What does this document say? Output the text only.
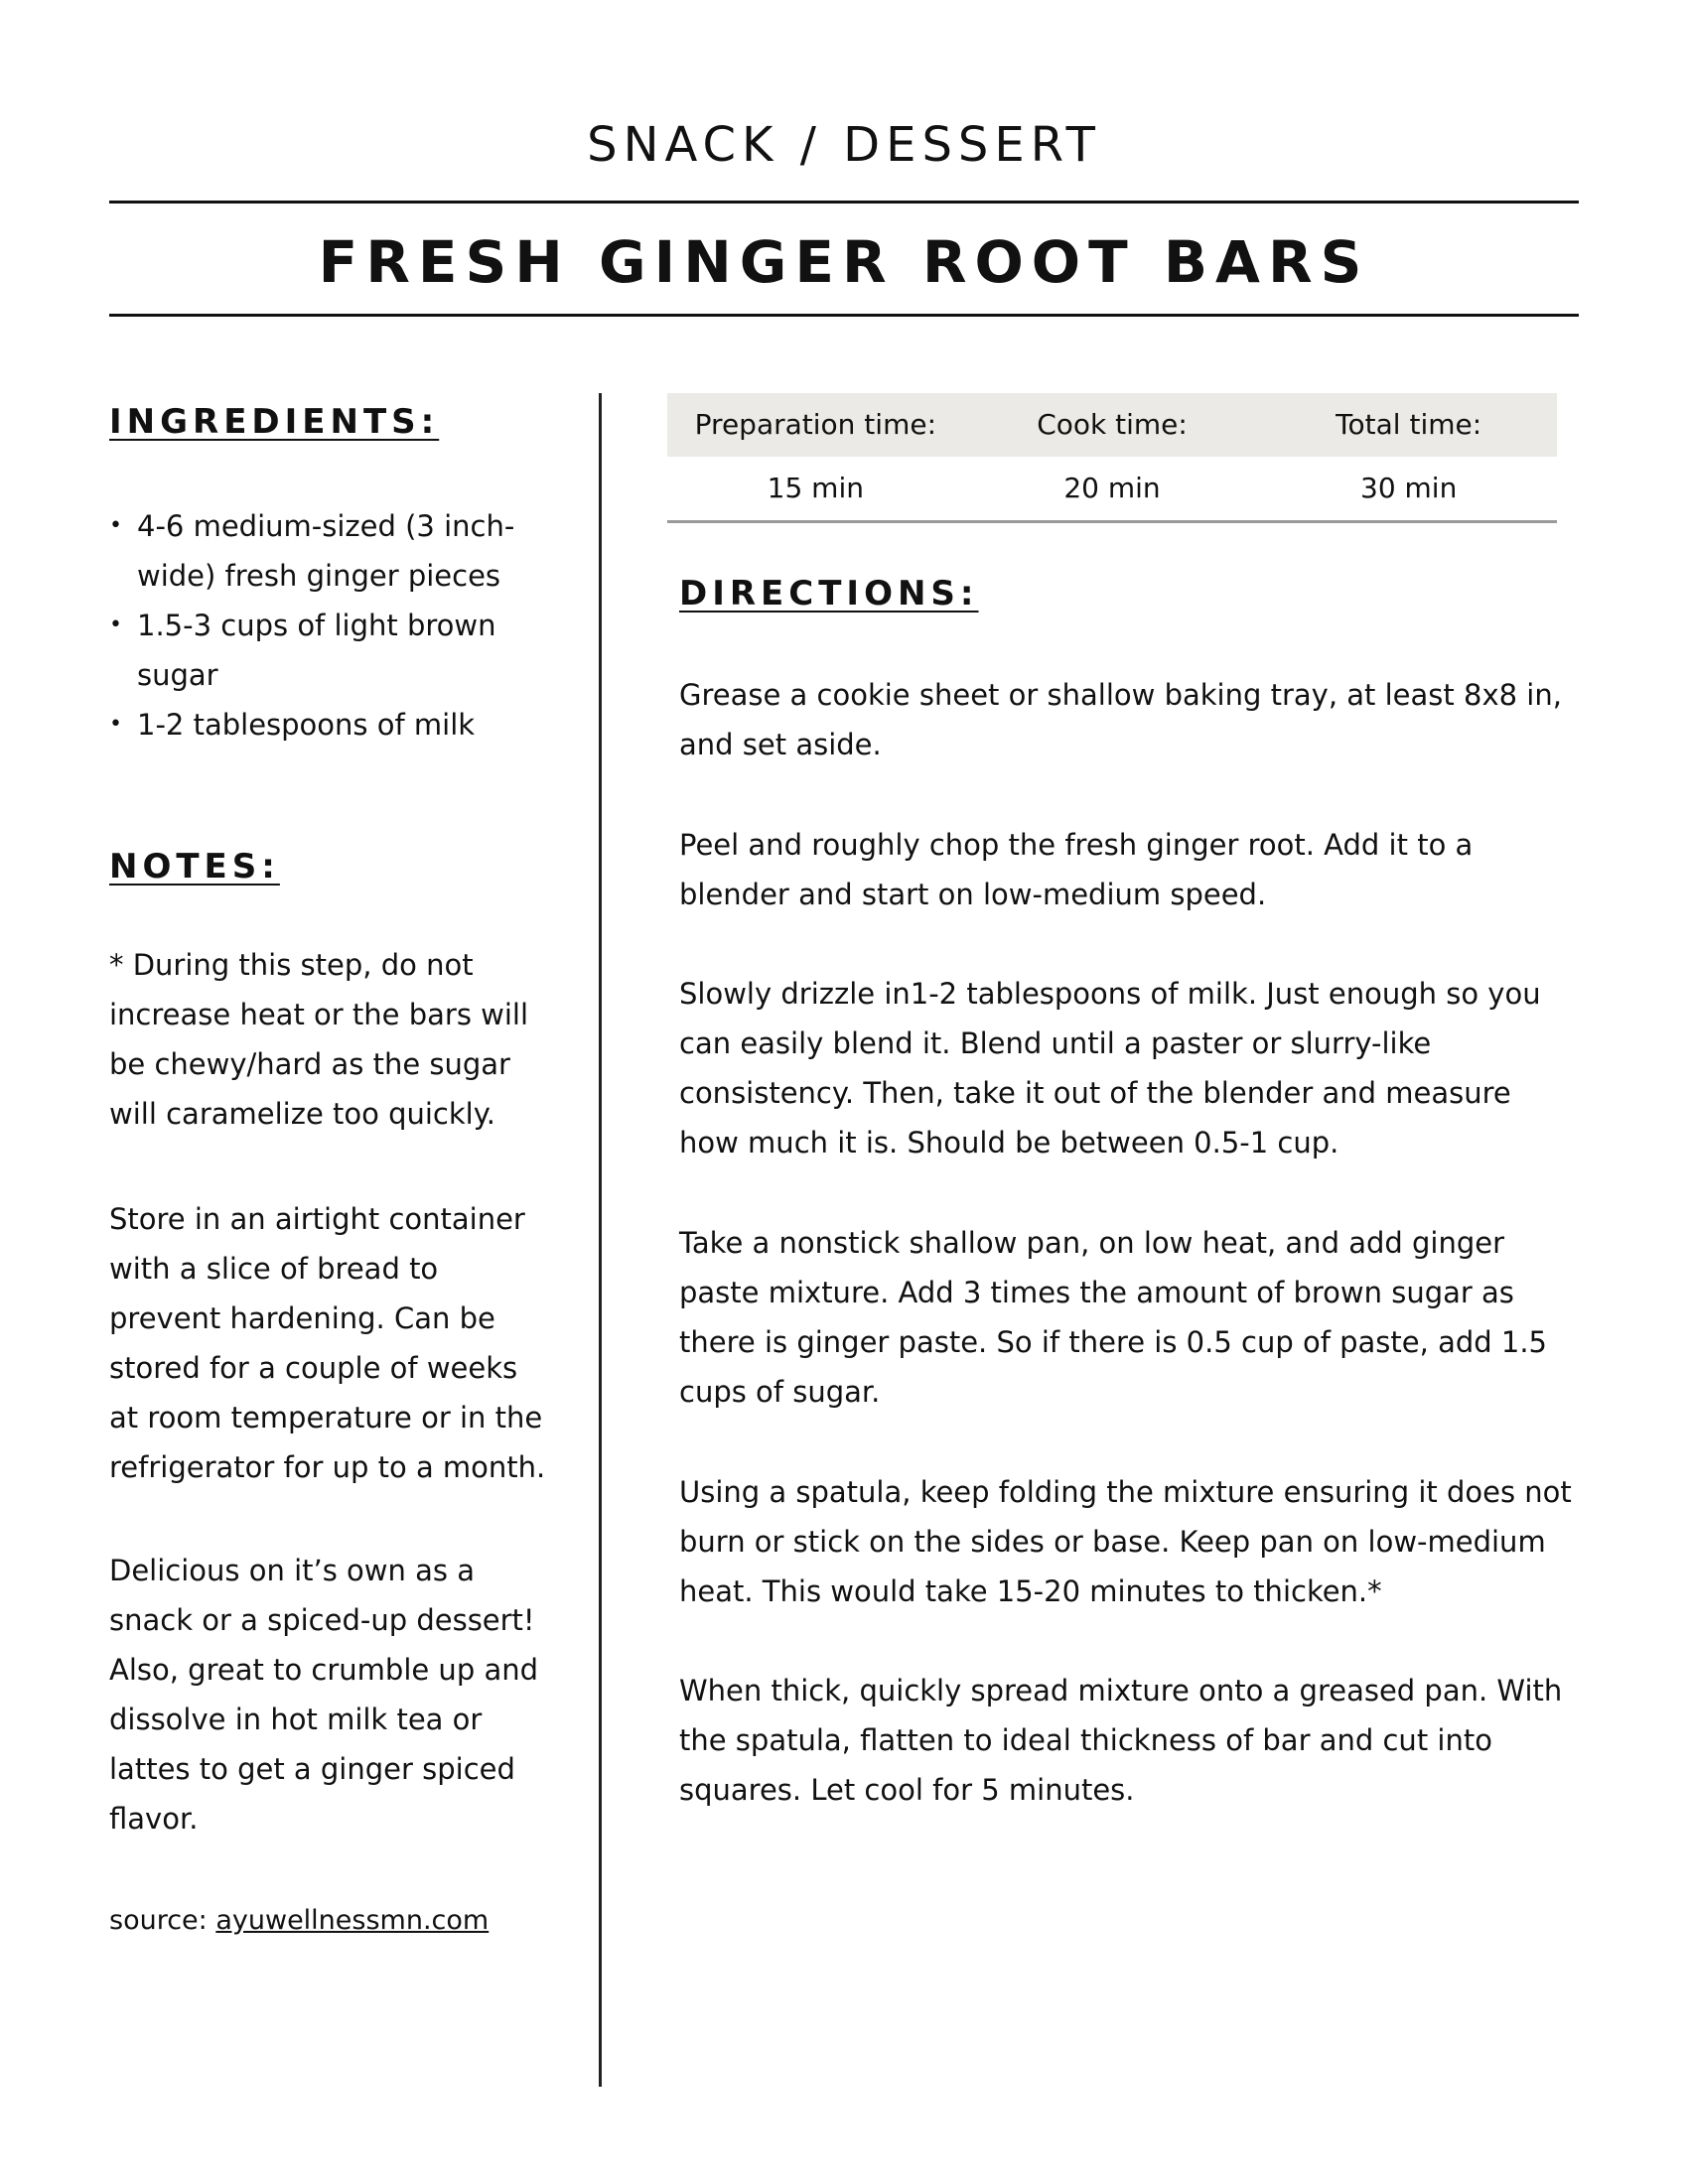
SNACK / DESSERT
FRESH GINGER ROOT BARS
INGREDIENTS:
• 4-6 medium-sized (3 inch-wide) fresh ginger pieces
• 1.5-3 cups of light brown sugar
• 1-2 tablespoons of milk
NOTES:

* During this step, do not increase heat or the bars will be chewy/hard as the sugar will caramelize too quickly.

Store in an airtight container with a slice of bread to prevent hardening. Can be stored for a couple of weeks at room temperature or in the refrigerator for up to a month.

Delicious on it’s own as a snack or a spiced-up dessert! Also, great to crumble up and dissolve in hot milk tea or lattes to get a ginger spiced flavor.

source: ayuwellnessmn.com
Preparation time:	Cook time:	Total time:
15 min	20 min	30 min
DIRECTIONS:

Grease a cookie sheet or shallow baking tray, at least 8x8 in, and set aside.

Peel and roughly chop the fresh ginger root. Add it to a blender and start on low-medium speed.

Slowly drizzle in1-2 tablespoons of milk. Just enough so you can easily blend it. Blend until a paster or slurry-like consistency. Then, take it out of the blender and measure how much it is. Should be between 0.5-1 cup.

Take a nonstick shallow pan, on low heat, and add ginger paste mixture. Add 3 times the amount of brown sugar as there is ginger paste. So if there is 0.5 cup of paste, add 1.5 cups of sugar.

Using a spatula, keep folding the mixture ensuring it does not burn or stick on the sides or base. Keep pan on low-medium heat. This would take 15-20 minutes to thicken.*

When thick, quickly spread mixture onto a greased pan. With the spatula, flatten to ideal thickness of bar and cut into squares. Let cool for 5 minutes.
